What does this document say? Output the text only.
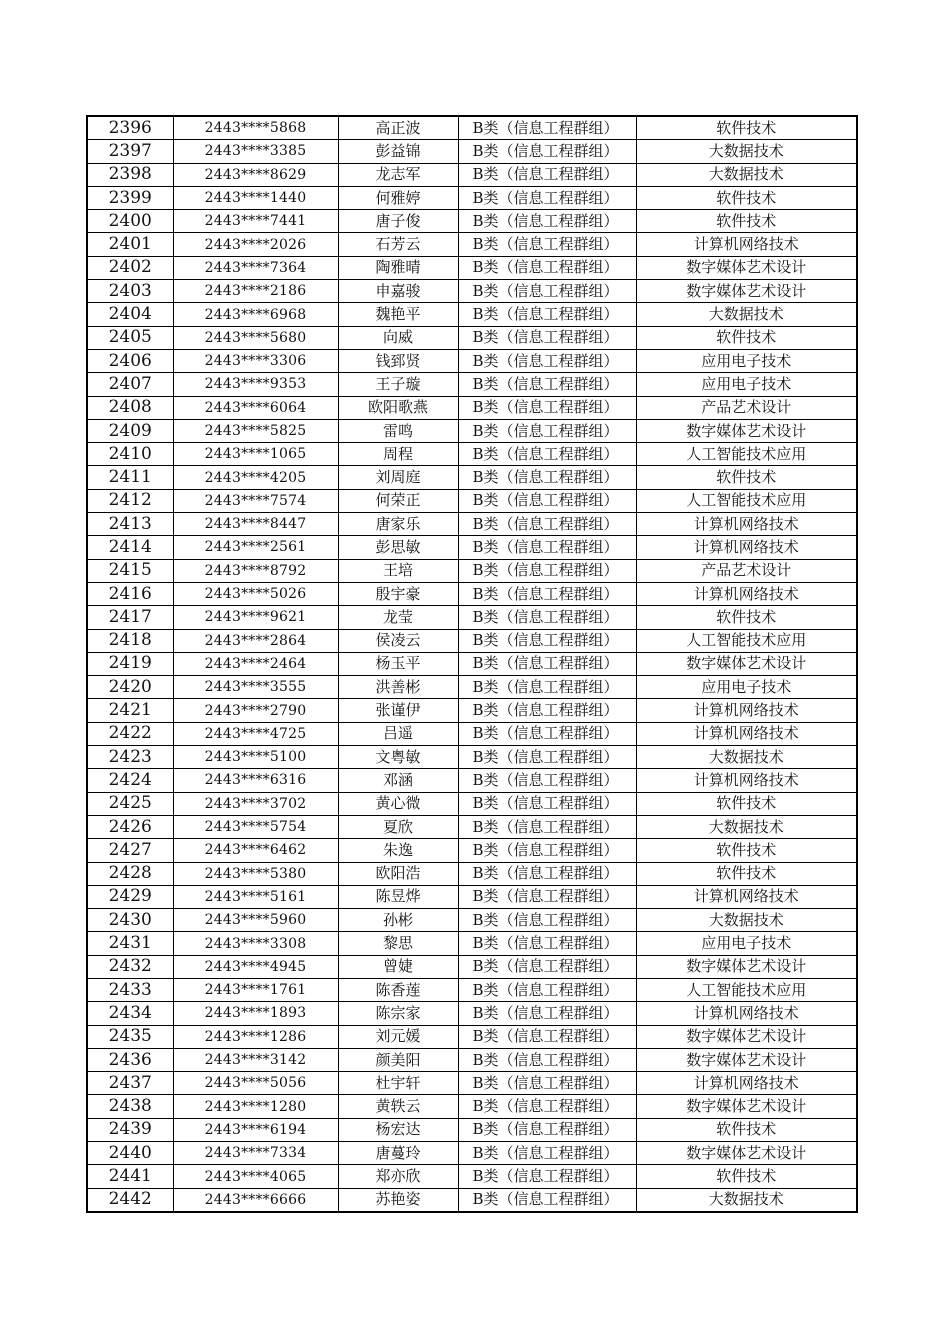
2396	2443****5868	高正波	B类（信息工程群组）	软件技术
2397	2443****3385	彭益锦	B类（信息工程群组）	大数据技术
2398	2443****8629	龙志军	B类（信息工程群组）	大数据技术
2399	2443****1440	何雅婷	B类（信息工程群组）	软件技术
2400	2443****7441	唐子俊	B类（信息工程群组）	软件技术
2401	2443****2026	石芳云	B类（信息工程群组）	计算机网络技术
2402	2443****7364	陶雅晴	B类（信息工程群组）	数字媒体艺术设计
2403	2443****2186	申嘉骏	B类（信息工程群组）	数字媒体艺术设计
2404	2443****6968	魏艳平	B类（信息工程群组）	大数据技术
2405	2443****5680	向威	B类（信息工程群组）	软件技术
2406	2443****3306	钱郅贤	B类（信息工程群组）	应用电子技术
2407	2443****9353	王子璇	B类（信息工程群组）	应用电子技术
2408	2443****6064	欧阳歌燕	B类（信息工程群组）	产品艺术设计
2409	2443****5825	雷鸣	B类（信息工程群组）	数字媒体艺术设计
2410	2443****1065	周程	B类（信息工程群组）	人工智能技术应用
2411	2443****4205	刘周庭	B类（信息工程群组）	软件技术
2412	2443****7574	何荣正	B类（信息工程群组）	人工智能技术应用
2413	2443****8447	唐家乐	B类（信息工程群组）	计算机网络技术
2414	2443****2561	彭思敏	B类（信息工程群组）	计算机网络技术
2415	2443****8792	王培	B类（信息工程群组）	产品艺术设计
2416	2443****5026	殷宇豪	B类（信息工程群组）	计算机网络技术
2417	2443****9621	龙莹	B类（信息工程群组）	软件技术
2418	2443****2864	侯凌云	B类（信息工程群组）	人工智能技术应用
2419	2443****2464	杨玉平	B类（信息工程群组）	数字媒体艺术设计
2420	2443****3555	洪善彬	B类（信息工程群组）	应用电子技术
2421	2443****2790	张谨伊	B类（信息工程群组）	计算机网络技术
2422	2443****4725	吕遥	B类（信息工程群组）	计算机网络技术
2423	2443****5100	文粤敏	B类（信息工程群组）	大数据技术
2424	2443****6316	邓涵	B类（信息工程群组）	计算机网络技术
2425	2443****3702	黄心微	B类（信息工程群组）	软件技术
2426	2443****5754	夏欣	B类（信息工程群组）	大数据技术
2427	2443****6462	朱逸	B类（信息工程群组）	软件技术
2428	2443****5380	欧阳浩	B类（信息工程群组）	软件技术
2429	2443****5161	陈昱烨	B类（信息工程群组）	计算机网络技术
2430	2443****5960	孙彬	B类（信息工程群组）	大数据技术
2431	2443****3308	黎思	B类（信息工程群组）	应用电子技术
2432	2443****4945	曾婕	B类（信息工程群组）	数字媒体艺术设计
2433	2443****1761	陈香莲	B类（信息工程群组）	人工智能技术应用
2434	2443****1893	陈宗家	B类（信息工程群组）	计算机网络技术
2435	2443****1286	刘元媛	B类（信息工程群组）	数字媒体艺术设计
2436	2443****3142	颜美阳	B类（信息工程群组）	数字媒体艺术设计
2437	2443****5056	杜宇轩	B类（信息工程群组）	计算机网络技术
2438	2443****1280	黄轶云	B类（信息工程群组）	数字媒体艺术设计
2439	2443****6194	杨宏达	B类（信息工程群组）	软件技术
2440	2443****7334	唐蔓玲	B类（信息工程群组）	数字媒体艺术设计
2441	2443****4065	郑亦欣	B类（信息工程群组）	软件技术
2442	2443****6666	苏艳姿	B类（信息工程群组）	大数据技术
